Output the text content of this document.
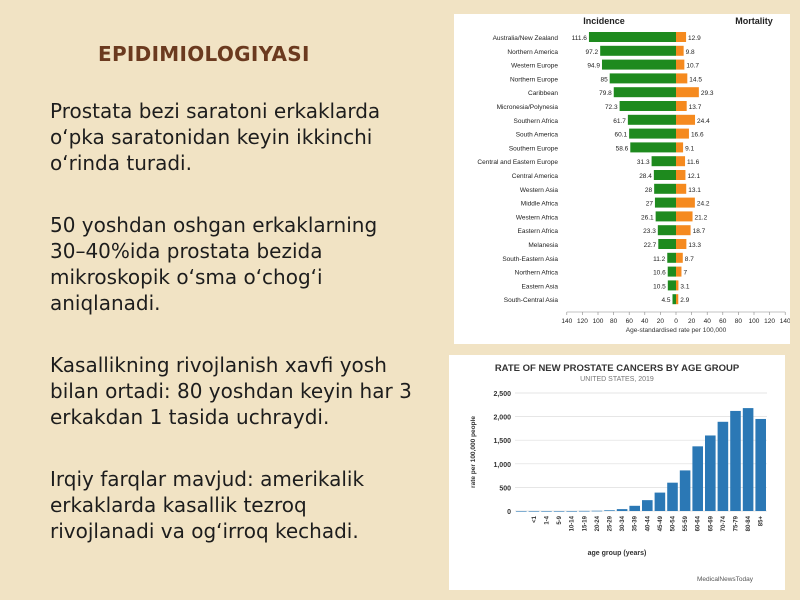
EPIDIMIOLOGIYASI

Prostata bezi saratoni erkaklarda
o‘pka saratonidan keyin ikkinchi
o‘rinda turadi.

50 yoshdan oshgan erkaklarning
30–40%ida prostata bezida
mikroskopik o‘sma o‘chog‘i
aniqlanadi.

Kasallikning rivojlanish xavfi yosh
bilan ortadi: 80 yoshdan keyin har 3
erkakdan 1 tasida uchraydi.

Irqiy farqlar mavjud: amerikalik
erkaklarda kasallik tezroq
rivojlanadi va og‘irroq kechadi.

Incidence	Mortality
Australia/New Zealand 111.6	12.9
Northern America	97.2	9.8
Western Europe	94.9	10.7
Northern Europe	85	14.5
Caribbean	79.8	29.3
Micronesia/Polynesia	72.3	13.7
Southern Africa	61.7	24.4
South America	60.1	16.6
Southern Europe	58.6	9.1
Central and Eastern Europe	31.3	11.6
Central America	28.4	12.1
Western Asia	28	13.1
Middle Africa	27	24.2
Western Africa	26.1	21.2
Eastern Africa	23.3	18.7
Melanesia	22.7	13.3
South-Eastern Asia	11.2	8.7
Northern Africa	10.6	7
Eastern Asia	10.5 3.1
South-Central Asia	4.5 2.9
140 120 100 80 60 40 20 0 20 40 60 80 100 120 140
Age-standardised rate per 100,000
RATE OF NEW PROSTATE CANCERS BY AGE GROUP
UNITED STATES, 2019
0
500
1,000
1,500
2,000
2,500
rate per 100,000 people
<1 1-4 5-9 10-14 15-19 20-24 25-29 30-34 35-39 40-44 45-49 50-54 55-59 60-64 65-69 70-74 75-79 80-84 85+
age group (years)
MedicalNewsToday
